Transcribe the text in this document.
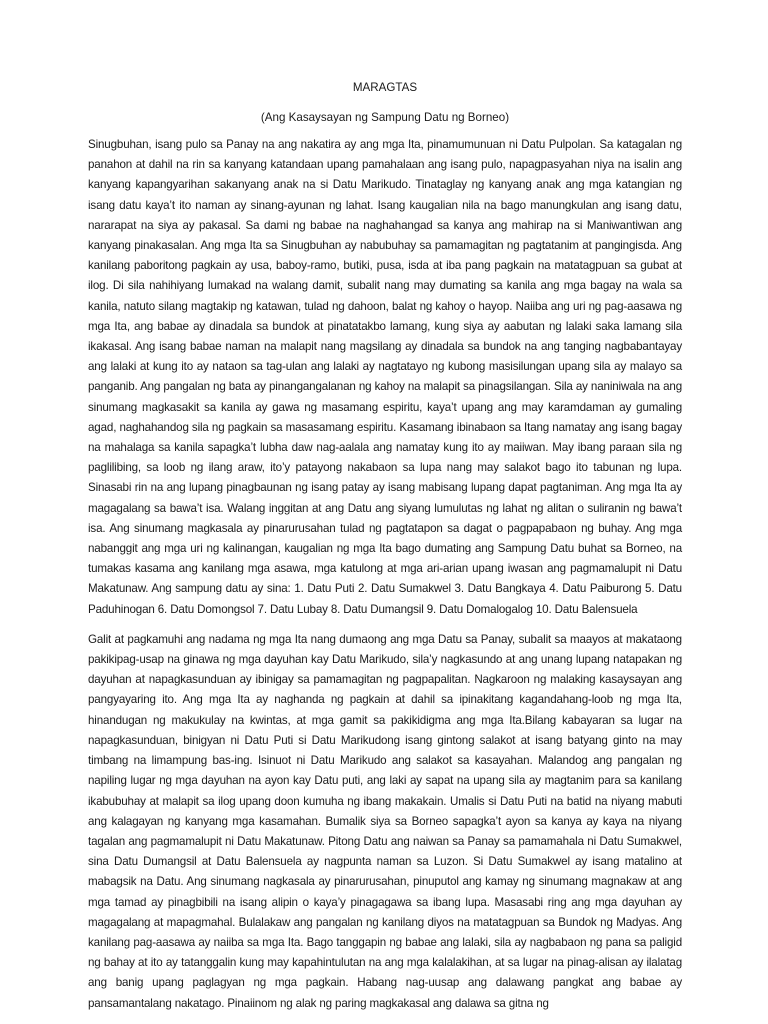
MARAGTAS
(Ang Kasaysayan ng Sampung Datu ng Borneo)

Sinugbuhan, isang pulo sa Panay na ang nakatira ay ang mga Ita, pinamumunuan ni Datu Pulpolan. Sa katagalan ng panahon at dahil na rin sa kanyang katandaan upang pamahalaan ang isang pulo, napagpasyahan niya na isalin ang kanyang kapangyarihan sakanyang anak na si Datu Marikudo. Tinataglay ng kanyang anak ang mga katangian ng isang datu kaya’t ito naman ay sinang-ayunan ng lahat. Isang kaugalian nila na bago manungkulan ang isang datu, nararapat na siya ay pakasal. Sa dami ng babae na naghahangad sa kanya ang mahirap na si Maniwantiwan ang kanyang pinakasalan. Ang mga Ita sa Sinugbuhan ay nabubuhay sa pamamagitan ng pagtatanim at pangingisda. Ang kanilang paboritong pagkain ay usa, baboy-ramo, butiki, pusa, isda at iba pang pagkain na matatagpuan sa gubat at ilog. Di sila nahihiyang lumakad na walang damit, subalit nang may dumating sa kanila ang mga bagay na wala sa kanila, natuto silang magtakip ng katawan, tulad ng dahoon, balat ng kahoy o hayop. Naiiba ang uri ng pag-aasawa ng mga Ita, ang babae ay dinadala sa bundok at pinatatakbo lamang, kung siya ay aabutan ng lalaki saka lamang sila ikakasal. Ang isang babae naman na malapit nang magsilang ay dinadala sa bundok na ang tanging nagbabantayay ang lalaki at kung ito ay nataon sa tag-ulan ang lalaki ay nagtatayo ng kubong masisilungan upang sila ay malayo sa panganib. Ang pangalan ng bata ay pinangangalanan ng kahoy na malapit sa pinagsilangan. Sila ay naniniwala na ang sinumang magkasakit sa kanila ay gawa ng masamang espiritu, kaya’t upang ang may karamdaman ay gumaling agad, naghahandog sila ng pagkain sa masasamang espiritu. Kasamang ibinabaon sa Itang namatay ang isang bagay na mahalaga sa kanila sapagka’t lubha daw nag-aalala ang namatay kung ito ay maiiwan. May ibang paraan sila ng paglilibing, sa loob ng ilang araw, ito’y patayong nakabaon sa lupa nang may salakot bago ito tabunan ng lupa. Sinasabi rin na ang lupang pinagbaunan ng isang patay ay isang mabisang lupang dapat pagtaniman. Ang mga Ita ay magagalang sa bawa’t isa. Walang inggitan at ang Datu ang siyang lumulutas ng lahat ng alitan o suliranin ng bawa’t isa. Ang sinumang magkasala ay pinarurusahan tulad ng pagtatapon sa dagat o pagpapabaon ng buhay. Ang mga nabanggit ang mga uri ng kalinangan, kaugalian ng mga Ita bago dumating ang Sampung Datu buhat sa Borneo, na tumakas kasama ang kanilang mga asawa, mga katulong at mga ari-arian upang iwasan ang pagmamalupit ni Datu Makatunaw. Ang sampung datu ay sina: 1. Datu Puti 2. Datu Sumakwel 3. Datu Bangkaya 4. Datu Paiburong 5. Datu Paduhinogan 6. Datu Domongsol 7. Datu Lubay 8. Datu Dumangsil 9. Datu Domalogalog 10. Datu Balensuela

Galit at pagkamuhi ang nadama ng mga Ita nang dumaong ang mga Datu sa Panay, subalit sa maayos at makataong pakikipag-usap na ginawa ng mga dayuhan kay Datu Marikudo, sila’y nagkasundo at ang unang lupang natapakan ng dayuhan at napagkasunduan ay ibinigay sa pamamagitan ng pagpapalitan. Nagkaroon ng malaking kasaysayan ang pangyayaring ito. Ang mga Ita ay naghanda ng pagkain at dahil sa ipinakitang kagandahang-loob ng mga Ita, hinandugan ng makukulay na kwintas, at mga gamit sa pakikidigma ang mga Ita.Bilang kabayaran sa lugar na napagkasunduan, binigyan ni Datu Puti si Datu Marikudong isang gintong salakot at isang batyang ginto na may timbang na limampung bas-ing. Isinuot ni Datu Marikudo ang salakot sa kasayahan. Malandog ang pangalan ng napiling lugar ng mga dayuhan na ayon kay Datu puti, ang laki ay sapat na upang sila ay magtanim para sa kanilang ikabubuhay at malapit sa ilog upang doon kumuha ng ibang makakain. Umalis si Datu Puti na batid na niyang mabuti ang kalagayan ng kanyang mga kasamahan. Bumalik siya sa Borneo sapagka’t ayon sa kanya ay kaya na niyang tagalan ang pagmamalupit ni Datu Makatunaw. Pitong Datu ang naiwan sa Panay sa pamamahala ni Datu Sumakwel, sina Datu Dumangsil at Datu Balensuela ay nagpunta naman sa Luzon. Si Datu Sumakwel ay isang matalino at mabagsik na Datu. Ang sinumang nagkasala ay pinarurusahan, pinuputol ang kamay ng sinumang magnakaw at ang mga tamad ay pinagbibili na isang alipin o kaya’y pinagagawa sa ibang lupa. Masasabi ring ang mga dayuhan ay magagalang at mapagmahal. Bulalakaw ang pangalan ng kanilang diyos na matatagpuan sa Bundok ng Madyas. Ang kanilang pag-aasawa ay naiiba sa mga Ita. Bago tanggapin ng babae ang lalaki, sila ay nagbabaon ng pana sa paligid ng bahay at ito ay tatanggalin kung may kapahintulutan na ang mga kalalakihan, at sa lugar na pinag-alisan ay ilalatag ang banig upang paglagyan ng mga pagkain. Habang nag-uusap ang dalawang pangkat ang babae ay pansamantalang nakatago. Pinaiinom ng alak ng paring magkakasal ang dalawa sa gitna ng
